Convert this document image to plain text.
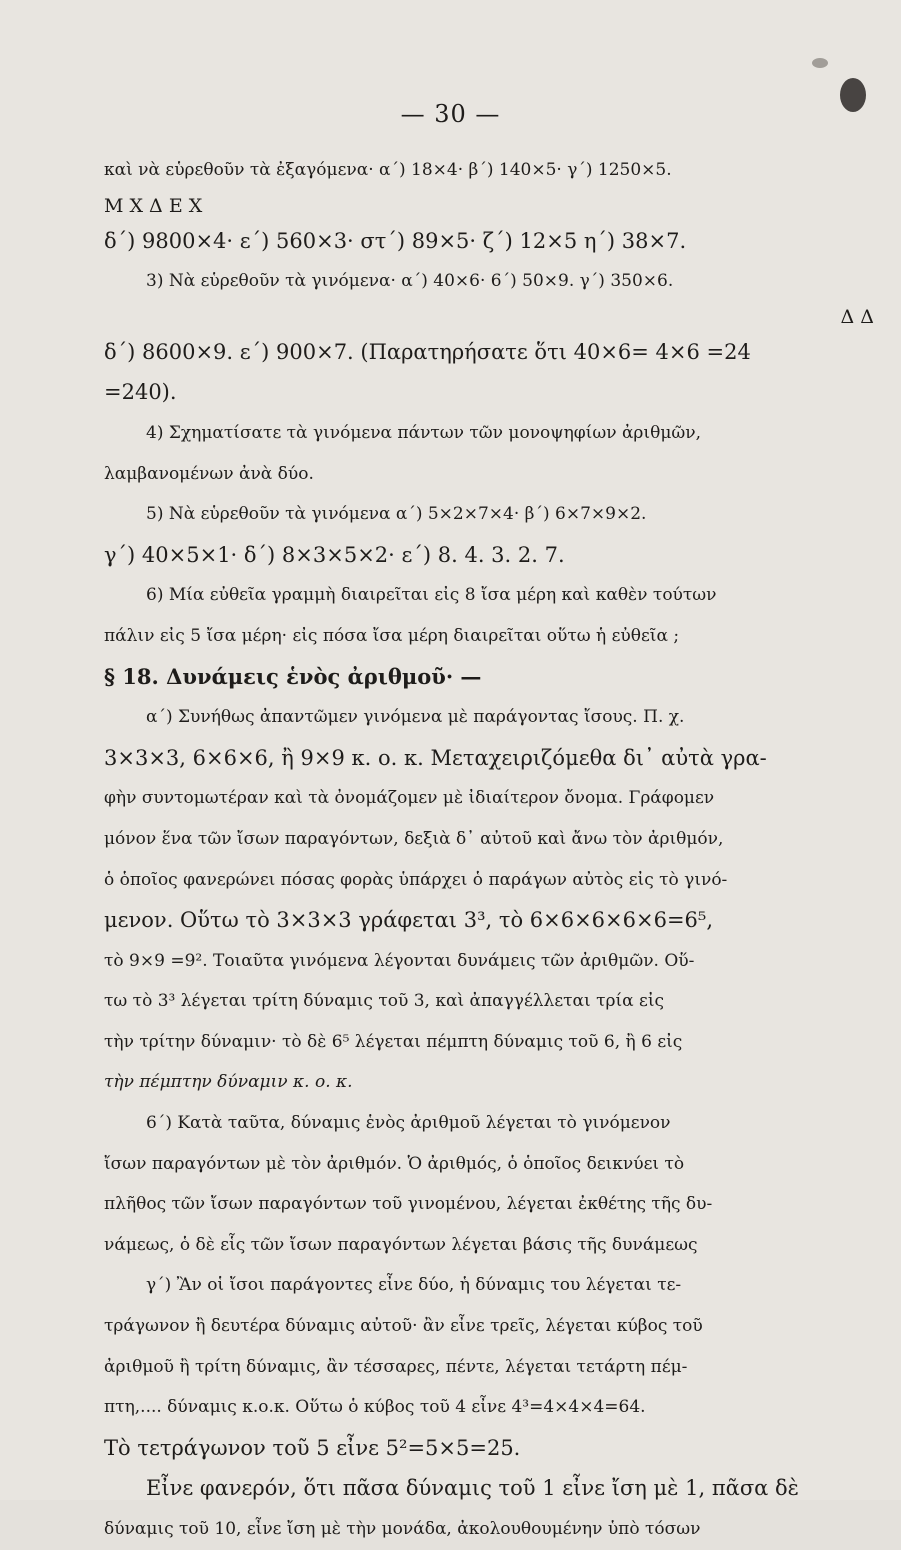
— 30 —
καὶ νὰ εὑρεθοῦν τὰ ἐξαγόμενα· α΄) 18×4· β΄) 140×5· γ΄) 1250×5.
M X Δ E X
δ΄) 9800×4· ε΄) 560×3· στ΄) 89×5· ζ΄) 12×5 η΄) 38×7.
3) Νὰ εὑρεθοῦν τὰ γινόμενα· α΄) 40×6· 6΄) 50×9. γ΄) 350×6.
Δ Δ
δ΄) 8600×9. ε΄) 900×7. (Παρατηρήσατε ὅτι 40×6= 4×6 =24
=240).
4) Σχηματίσατε τὰ γινόμενα πάντων τῶν μονοψηφίων ἀριθμῶν,
λαμβανομένων ἀνὰ δύο.
5) Νὰ εὑρεθοῦν τὰ γινόμενα α΄) 5×2×7×4· β΄) 6×7×9×2.
γ΄) 40×5×1· δ΄) 8×3×5×2· ε΄) 8. 4. 3. 2. 7.
6) Μία εὐθεῖα γραμμὴ διαιρεῖται εἰς 8 ἴσα μέρη καὶ καθὲν τούτων
πάλιν εἰς 5 ἴσα μέρη· εἰς πόσα ἴσα μέρη διαιρεῖται οὕτω ἡ εὐθεῖα ;
§ 18. Δυνάμεις ἑνὸς ἀριθμοῦ· —
α΄) Συνήθως ἀπαντῶμεν γινόμενα μὲ παράγοντας ἴσους. Π. χ.
3×3×3, 6×6×6, ἢ 9×9 κ. ο. κ. Μεταχειριζόμεθα δι᾽ αὐτὰ γρα-
φὴν συντομωτέραν καὶ τὰ ὀνομάζομεν μὲ ἰδιαίτερον ὄνομα. Γράφομεν
μόνον ἕνα τῶν ἴσων παραγόντων, δεξιὰ δ᾽ αὐτοῦ καὶ ἄνω τὸν ἀριθμόν,
ὁ ὁποῖος φανερώνει πόσας φορὰς ὑπάρχει ὁ παράγων αὐτὸς εἰς τὸ γινό-
μενον. Οὕτω τὸ 3×3×3 γράφεται 3³, τὸ 6×6×6×6×6=6⁵,
τὸ 9×9 =9². Τοιαῦτα γινόμενα λέγονται δυνάμεις τῶν ἀριθμῶν. Οὕ-
τω τὸ 3³ λέγεται τρίτη δύναμις τοῦ 3, καὶ ἀπαγγέλλεται τρία εἰς
τὴν τρίτην δύναμιν· τὸ δὲ 6⁵ λέγεται πέμπτη δύναμις τοῦ 6, ἢ 6 εἰς
τὴν πέμπτην δύναμιν κ. ο. κ.
6΄) Κατὰ ταῦτα, δύναμις ἑνὸς ἀριθμοῦ λέγεται τὸ γινόμενον
ἴσων παραγόντων μὲ τὸν ἀριθμόν. Ὁ ἀριθμός, ὁ ὁποῖος δεικνύει τὸ
πλῆθος τῶν ἴσων παραγόντων τοῦ γινομένου, λέγεται ἐκθέτης τῆς δυ-
νάμεως, ὁ δὲ εἷς τῶν ἴσων παραγόντων λέγεται βάσις τῆς δυνάμεως
γ΄) Ἂν οἱ ἴσοι παράγοντες εἶνε δύο, ἡ δύναμις του λέγεται τε-
τράγωνον ἢ δευτέρα δύναμις αὐτοῦ· ἂν εἶνε τρεῖς, λέγεται κύβος τοῦ
ἀριθμοῦ ἢ τρίτη δύναμις, ἂν τέσσαρες, πέντε, λέγεται τετάρτη πέμ-
πτη,.... δύναμις κ.ο.κ. Οὕτω ὁ κύβος τοῦ 4 εἶνε 4³=4×4×4=64.
Τὸ τετράγωνον τοῦ 5 εἶνε 5²=5×5=25.
Εἶνε φανερόν, ὅτι πᾶσα δύναμις τοῦ 1 εἶνε ἴση μὲ 1, πᾶσα δὲ
δύναμις τοῦ 10, εἶνε ἴση μὲ τὴν μονάδα, ἀκολουθουμένην ὑπὸ τόσων
